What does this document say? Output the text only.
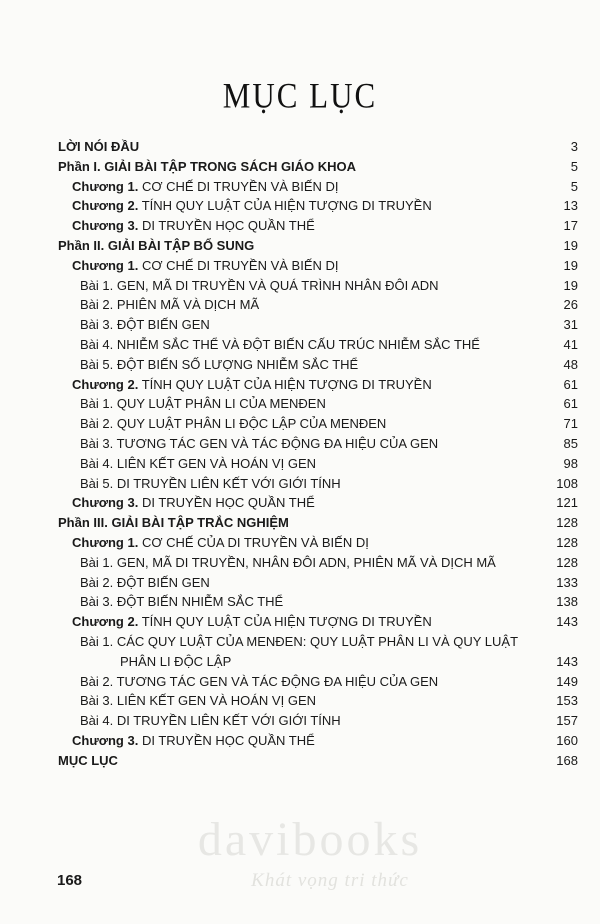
MỤC LỤC
LỜI NÓI ĐẦU	3
Phần I. GIẢI BÀI TẬP TRONG SÁCH GIÁO KHOA	5
Chương 1. CƠ CHẾ DI TRUYỀN VÀ BIẾN DỊ	5
Chương 2. TÍNH QUY LUẬT CỦA HIỆN TƯỢNG DI TRUYỀN	13
Chương 3. DI TRUYỀN HỌC QUẦN THỂ	17
Phần II. GIẢI BÀI TẬP BỔ SUNG	19
Chương 1. CƠ CHẾ DI TRUYỀN VÀ BIẾN DỊ	19
Bài 1. GEN, MÃ DI TRUYỀN VÀ QUÁ TRÌNH NHÂN ĐÔI ADN	19
Bài 2. PHIÊN MÃ VÀ DỊCH MÃ	26
Bài 3. ĐỘT BIẾN GEN	31
Bài 4. NHIỄM SẮC THỂ VÀ ĐỘT BIẾN CẤU TRÚC NHIỄM SẮC THỂ	41
Bài 5. ĐỘT BIẾN SỐ LƯỢNG NHIỄM SẮC THỂ	48
Chương 2. TÍNH QUY LUẬT CỦA HIỆN TƯỢNG DI TRUYỀN	61
Bài 1. QUY LUẬT PHÂN LI CỦA MENĐEN	61
Bài 2. QUY LUẬT PHÂN LI ĐỘC LẬP CỦA MENĐEN	71
Bài 3. TƯƠNG TÁC GEN VÀ TÁC ĐỘNG ĐA HIỆU CỦA GEN	85
Bài 4. LIÊN KẾT GEN VÀ HOÁN VỊ GEN	98
Bài 5. DI TRUYỀN LIÊN KẾT VỚI GIỚI TÍNH	108
Chương 3. DI TRUYỀN HỌC QUẦN THỂ	121
Phần III. GIẢI BÀI TẬP TRẮC NGHIỆM	128
Chương 1. CƠ CHẾ CỦA DI TRUYỀN VÀ BIẾN DỊ	128
Bài 1. GEN, MÃ DI TRUYỀN, NHÂN ĐÔI ADN, PHIÊN MÃ VÀ DỊCH MÃ	128
Bài 2. ĐỘT BIẾN GEN	133
Bài 3. ĐỘT BIẾN NHIỄM SẮC THỂ	138
Chương 2. TÍNH QUY LUẬT CỦA HIỆN TƯỢNG DI TRUYỀN	143
Bài 1. CÁC QUY LUẬT CỦA MENĐEN: QUY LUẬT PHÂN LI VÀ QUY LUẬT
PHÂN LI ĐỘC LẬP	143
Bài 2. TƯƠNG TÁC GEN VÀ TÁC ĐỘNG ĐA HIỆU CỦA GEN	149
Bài 3. LIÊN KẾT GEN VÀ HOÁN VỊ GEN	153
Bài 4. DI TRUYỀN LIÊN KẾT VỚI GIỚI TÍNH	157
Chương 3. DI TRUYỀN HỌC QUẦN THỂ	160
MỤC LỤC	168
davibooks
Khát vọng tri thức
168
